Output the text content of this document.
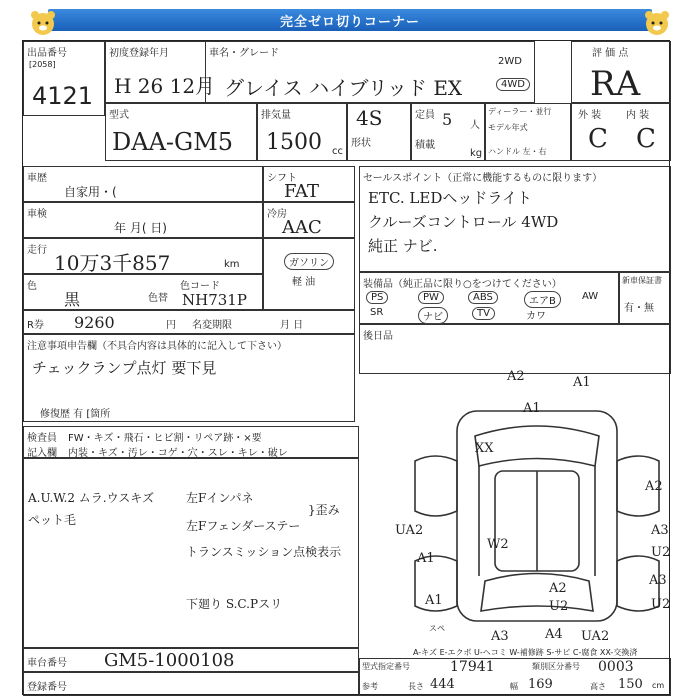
完全ゼロ切りコーナー
出品番号
[2058]
4121
初度登録年月
H 26 12月
車名・グレード
グレイス ハイブリッド EX
2WD
4WD
評 価 点
RA
型式
DAA-GM5
排気量
1500 cc
4S
形状
定員 5 人
積載
kg
ディーラー・並行
モデル年式
ハンドル 左・右
外 装 内 装
C C
車歴
自家用・(
車検
年 月( 日)
走行
10万3千857	km
色
黒	色替
色コード
NH731P
シフト
FAT
冷房
AAC
ガソリン
軽 油
R券 9260	円 名変期限	月 日
セールスポイント（正常に機能するものに限ります）
ETC. LEDヘッドライト
クルーズコントロール 4WD
純正 ナビ.
装備品（純正品に限り○をつけてください）
PS	PW	ABS	エアB	AW
SR	ナビ	TV	カワ
新車保証書
有・無
後日品
注意事項申告欄（不具合内容は具体的に記入して下さい）
チェックランプ点灯 要下見
修復歴 有 [箇所
検査員
記入欄
FW・キズ・飛石・ヒビ割・リペア跡・×要
内装・キズ・汚レ・コゲ・穴・スレ・キレ・破レ
A.U.W.2 ムラ.ウスキズ
ペット毛
左Fインパネ
左Fフェンダーステー
}歪み
トランスミッション点検表示
下廻り S.C.Pスリ
車台番号 GM5-1000108
登録番号
型式指定番号	17941	類別区分番号 0003
参考	長さ 444	幅 169	高さ 150 cm
A2	A1
A1
XX
A2
UA2	A3
W2
A1	U2
A3
A2
U2	U2
A1
A3	A4 UA2
スペ
A-キズ E-エクボ U-ヘコミ W-補修跡 S-サビ C-腐食 XX-交換済
